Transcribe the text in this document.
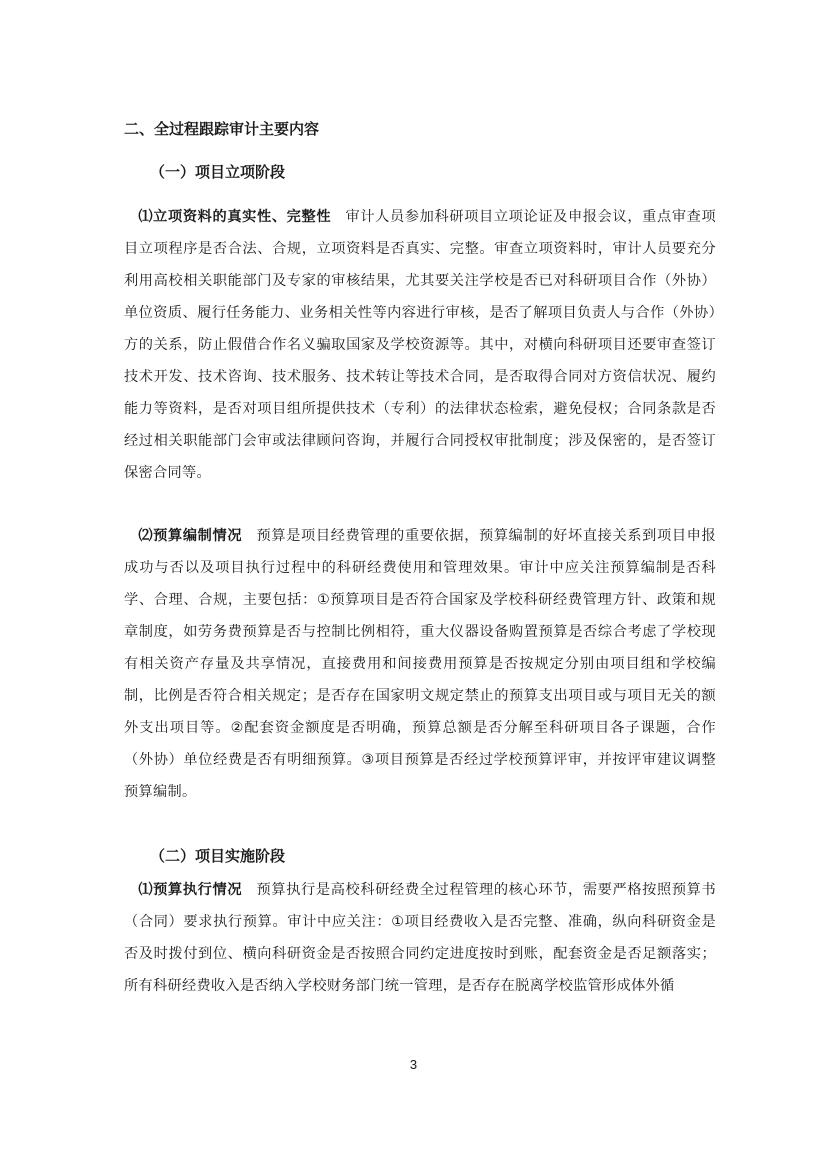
二、全过程跟踪审计主要内容
（一）项目立项阶段
⑴立项资料的真实性、完整性 审计人员参加科研项目立项论证及申报会议，重点审查项目立项程序是否合法、合规，立项资料是否真实、完整。审查立项资料时，审计人员要充分利用高校相关职能部门及专家的审核结果，尤其要关注学校是否已对科研项目合作（外协）单位资质、履行任务能力、业务相关性等内容进行审核，是否了解项目负责人与合作（外协）方的关系，防止假借合作名义骗取国家及学校资源等。其中，对横向科研项目还要审查签订技术开发、技术咨询、技术服务、技术转让等技术合同，是否取得合同对方资信状况、履约能力等资料，是否对项目组所提供技术（专利）的法律状态检索，避免侵权；合同条款是否经过相关职能部门会审或法律顾问咨询，并履行合同授权审批制度；涉及保密的，是否签订保密合同等。
⑵预算编制情况 预算是项目经费管理的重要依据，预算编制的好坏直接关系到项目申报成功与否以及项目执行过程中的科研经费使用和管理效果。审计中应关注预算编制是否科学、合理、合规，主要包括：①预算项目是否符合国家及学校科研经费管理方针、政策和规章制度，如劳务费预算是否与控制比例相符，重大仪器设备购置预算是否综合考虑了学校现有相关资产存量及共享情况，直接费用和间接费用预算是否按规定分别由项目组和学校编制，比例是否符合相关规定；是否存在国家明文规定禁止的预算支出项目或与项目无关的额外支出项目等。②配套资金额度是否明确，预算总额是否分解至科研项目各子课题，合作（外协）单位经费是否有明细预算。③项目预算是否经过学校预算评审，并按评审建议调整预算编制。
（二）项目实施阶段
⑴预算执行情况 预算执行是高校科研经费全过程管理的核心环节，需要严格按照预算书（合同）要求执行预算。审计中应关注：①项目经费收入是否完整、准确，纵向科研资金是否及时拨付到位、横向科研资金是否按照合同约定进度按时到账，配套资金是否足额落实；所有科研经费收入是否纳入学校财务部门统一管理，是否存在脱离学校监管形成体外循
3
